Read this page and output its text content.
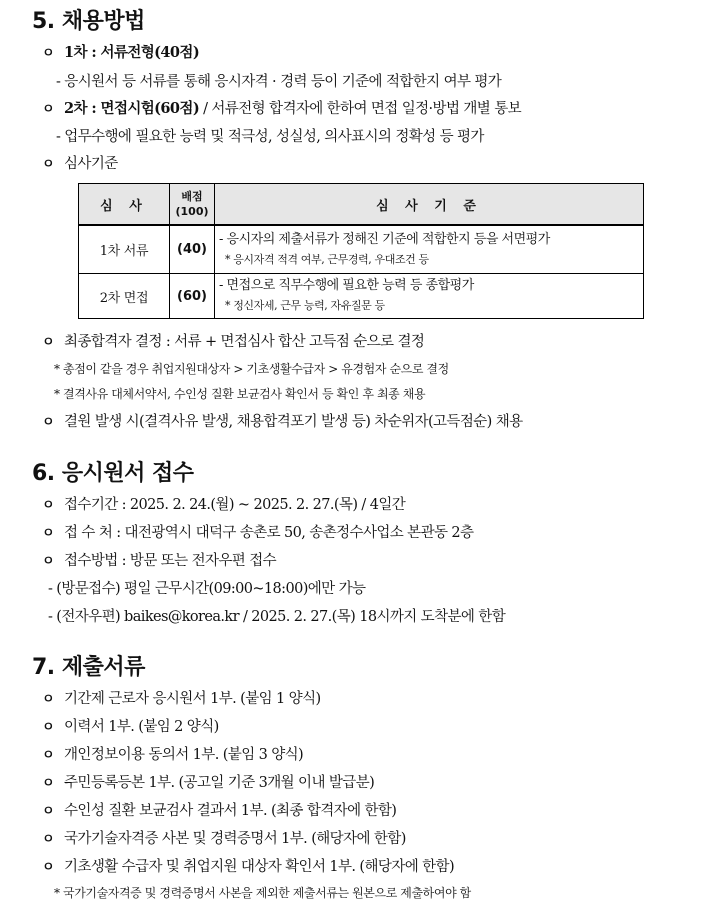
5. 채용방법
ㅇ 1차 : 서류전형(40점)
- 응시원서 등 서류를 통해 응시자격 · 경력 등이 기준에 적합한지 여부 평가
ㅇ 2차 : 면접시험(60점) / 서류전형 합격자에 한하여 면접 일정·방법 개별 통보
- 업무수행에 필요한 능력 및 적극성, 성실성, 의사표시의 정확성 등 평가
ㅇ 심사기준
심 사
배점
(100)	심 사 기 준
1차 서류 (40)
- 응시자의 제출서류가 정해진 기준에 적합한지 등을 서면평가
* 응시자격 적격 여부, 근무경력, 우대조건 등
2차 면접 (60)
- 면접으로 직무수행에 필요한 능력 등 종합평가
* 정신자세, 근무 능력, 자유질문 등
ㅇ 최종합격자 결정 : 서류 + 면접심사 합산 고득점 순으로 결정
* 총점이 같을 경우 취업지원대상자 > 기초생활수급자 > 유경험자 순으로 결정
* 결격사유 대체서약서, 수인성 질환 보균검사 확인서 등 확인 후 최종 채용
ㅇ 결원 발생 시(결격사유 발생, 채용합격포기 발생 등) 차순위자(고득점순) 채용
6. 응시원서 접수
ㅇ 접수기간 : 2025. 2. 24.(월) ~ 2025. 2. 27.(목) / 4일간
ㅇ 접 수 처 : 대전광역시 대덕구 송촌로 50, 송촌정수사업소 본관동 2층
ㅇ 접수방법 : 방문 또는 전자우편 접수
- (방문접수) 평일 근무시간(09:00~18:00)에만 가능
- (전자우편) baikes@korea.kr / 2025. 2. 27.(목) 18시까지 도착분에 한함
7. 제출서류
ㅇ 기간제 근로자 응시원서 1부. (붙임 1 양식)
ㅇ 이력서 1부. (붙임 2 양식)
ㅇ 개인정보이용 동의서 1부. (붙임 3 양식)
ㅇ 주민등록등본 1부. (공고일 기준 3개월 이내 발급분)
ㅇ 수인성 질환 보균검사 결과서 1부. (최종 합격자에 한함)
ㅇ 국가기술자격증 사본 및 경력증명서 1부. (해당자에 한함)
ㅇ 기초생활 수급자 및 취업지원 대상자 확인서 1부. (해당자에 한함)
* 국가기술자격증 및 경력증명서 사본을 제외한 제출서류는 원본으로 제출하여야 함
